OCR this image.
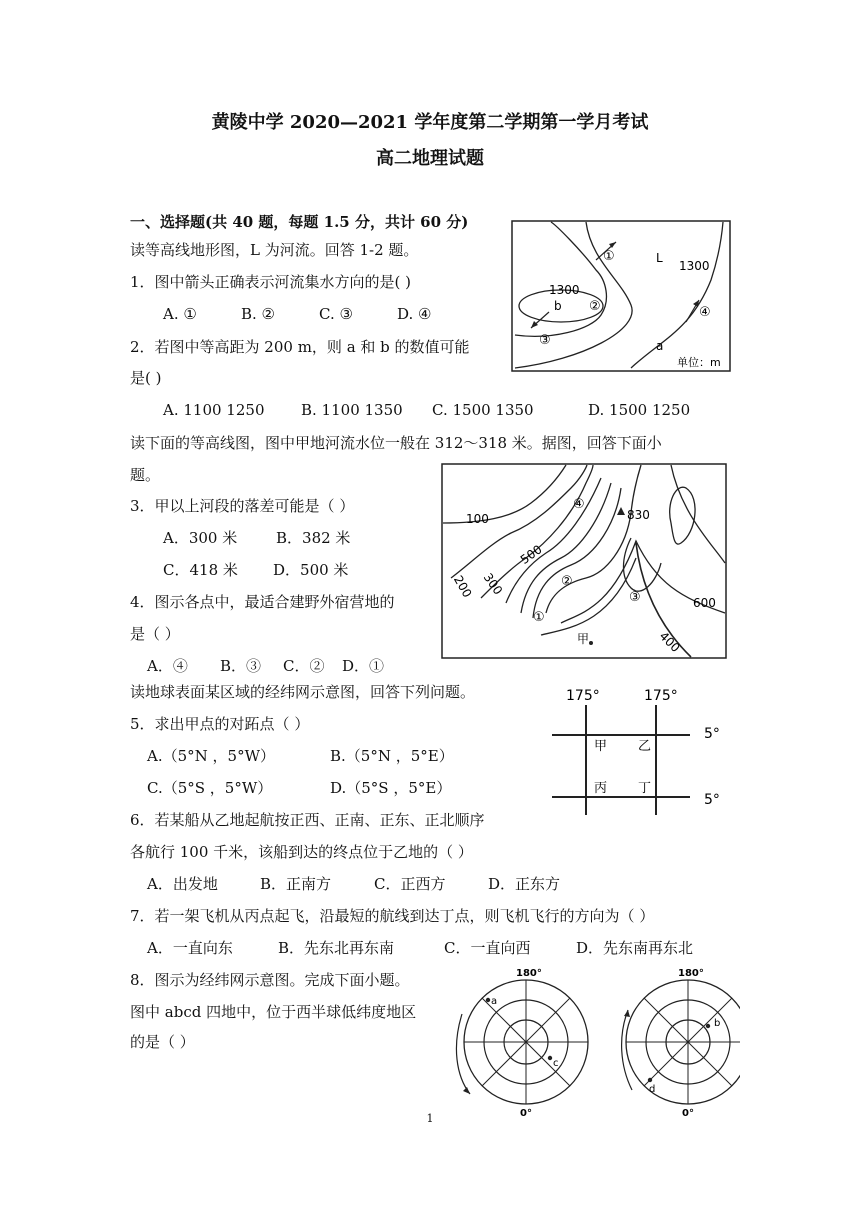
黄陵中学 2020—2021 学年度第二学期第一学月考试
高二地理试题
一、选择题(共 40 题，每题 1.5 分，共计 60 分)
读等高线地形图，L 为河流。回答 1-2 题。
1．图中箭头正确表示河流集水方向的是( )
A. ①	B. ②	C. ③	D. ④
2．若图中等高距为 200 m，则 a 和 b 的数值可能
是( )
A. 1100 1250 B. 1100 1350 C. 1500 1350	D. 1500 1250
①
②
③
④
L
1300
1300
b
a
单位：m
读下面的等高线图，图中甲地河流水位一般在 312～318 米。据图，回答下面小
题。
3．甲以上河段的落差可能是（ ）
A．300 米	B．382 米
C．418 米 D．500 米
4．图示各点中，最适合建野外宿营地的
是（ ）
A．④ B．③ C．② D．①
100
200 300
500
600
400
830
①
②
③
④
甲
读地球表面某区域的经纬网示意图，回答下列问题。
5．求出甲点的对跖点（ ）
A.（5°N ，5°W）	B.（5°N ，5°E）
C.（5°S ，5°W）	D.（5°S ，5°E）
6．若某船从乙地起航按正西、正南、正东、正北顺序
各航行 100 千米，该船到达的终点位于乙地的（ ）
A．出发地	B．正南方	C．正西方	D．正东方
175°	175°
5°
5°
甲 乙
丙 丁
7．若一架飞机从丙点起飞，沿最短的航线到达丁点，则飞机飞行的方向为（ ）
A．一直向东	B．先东北再东南	C．一直向西	D．先东南再东北
8．图示为经纬网示意图。完成下面小题。
图中 abcd 四地中，位于西半球低纬度地区
的是（ ）
180°
0°
a
c
180°
0°
b
d
1
